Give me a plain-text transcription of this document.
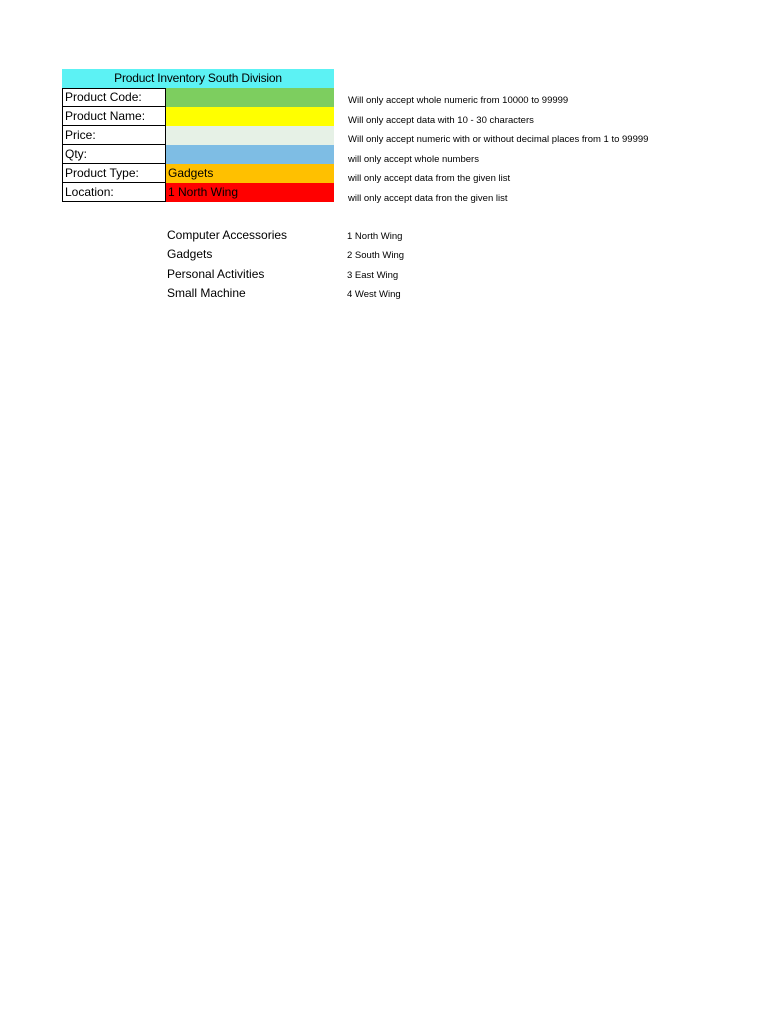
Product Inventory South Division
Product Code:
Product Name:
Price:
Qty:
Product Type:	Gadgets
Location:	1 North Wing
Will only accept whole numeric from 10000 to 99999
Will only accept data with 10 - 30 characters
Will only accept numeric with or without decimal places from 1 to 99999
will only accept whole numbers
will only accept data from the given list
will only accept data fron the given list
Computer Accessories
Gadgets
Personal Activities
Small Machine
1 North Wing
2 South Wing
3 East Wing
4 West Wing
